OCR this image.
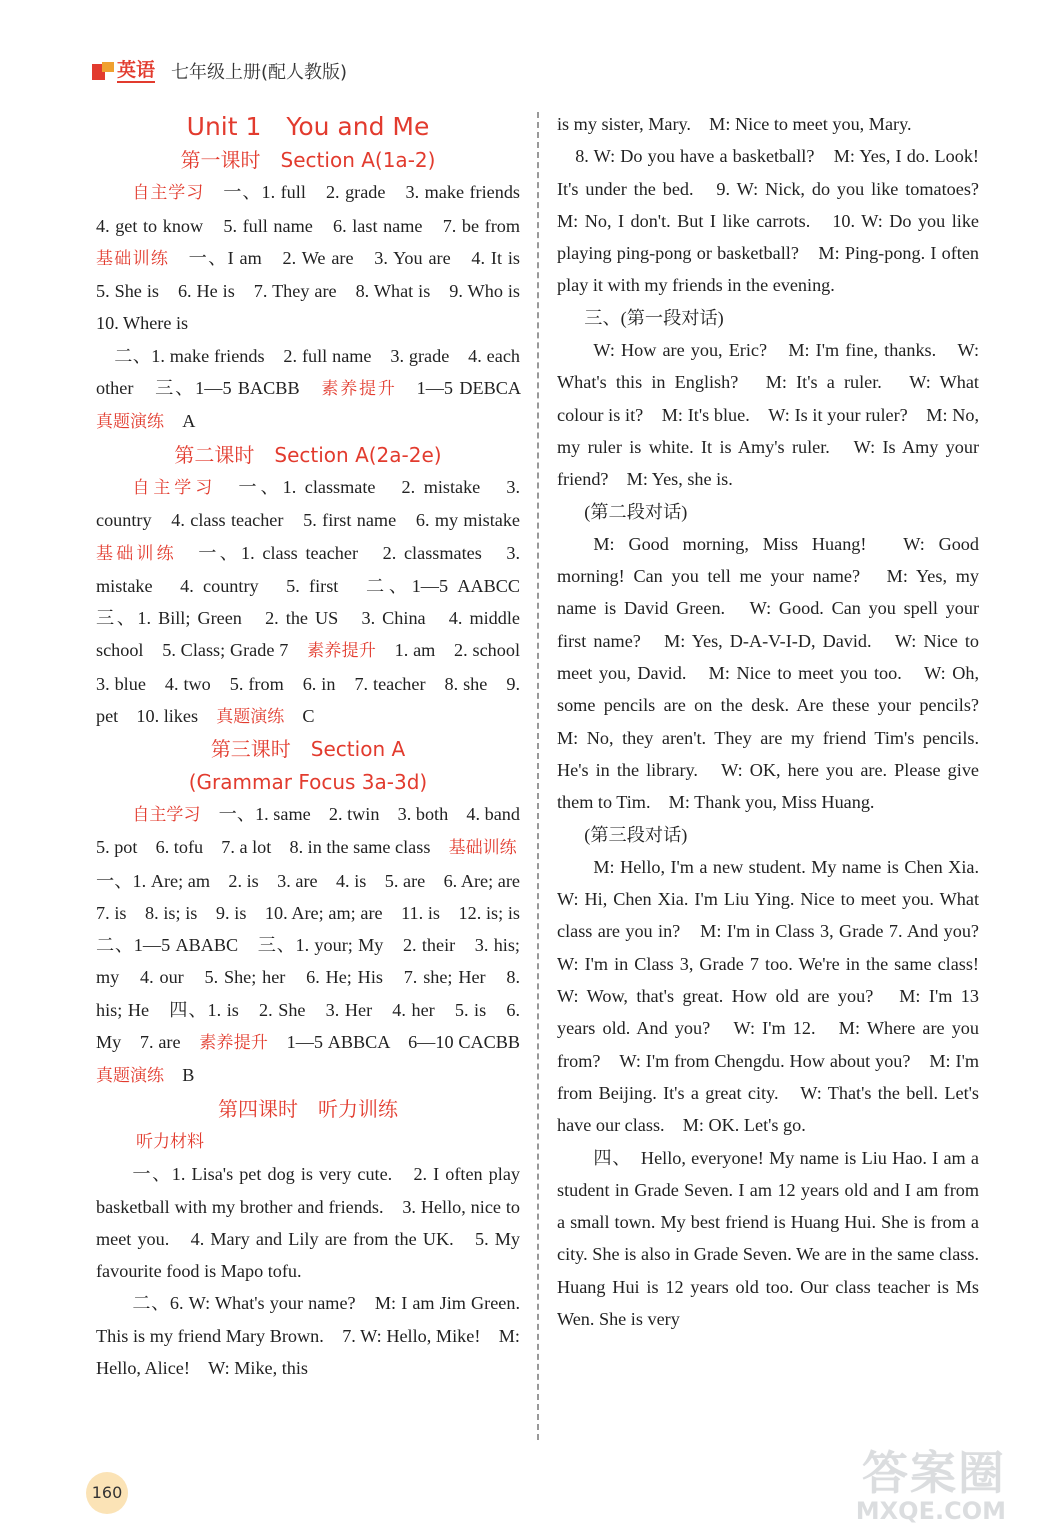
英语 七年级上册(配人教版)
Unit 1　You and Me
第一课时　Section A(1a-2)

自主学习　一、1. full　2. grade　3. make friends　4. get to know　5. full name　6. last name　7. be from　基础训练　一、I am　2. We are　3. You are　4. It is　5. She is　6. He is　7. They are　8. What is　9. Who is　10. Where is

二、1. make friends　2. full name　3. grade　4. each other　三、1—5 BACBB　素养提升　1—5 DEBCA　真题演练　A

第二课时　Section A(2a-2e)

自主学习　一、1. classmate　2. mistake　3. country　4. class teacher　5. first name　6. my mistake　基础训练　一、1. class teacher　2. classmates　3. mistake　4. country　5. first　二、1—5 AABCC　三、1. Bill; Green　2. the US　3. China　4. middle school　5. Class; Grade 7　素养提升　1. am　2. school　3. blue　4. two　5. from　6. in　7. teacher　8. she　9. pet　10. likes　真题演练　C

第三课时　Section A
(Grammar Focus 3a-3d)

自主学习　一、1. same　2. twin　3. both　4. band　5. pot　6. tofu　7. a lot　8. in the same class　基础训练　一、1. Are; am　2. is　3. are　4. is　5. are　6. Are; are　7. is　8. is; is　9. is　10. Are; am; are　11. is　12. is; is　二、1—5 ABABC　三、1. your; My　2. their　3. his; my　4. our　5. She; her　6. He; His　7. she; Her　8. his; He　四、1. is　2. She　3. Her　4. her　5. is　6. My　7. are　素养提升　1—5 ABBCA　6—10 CACBB　真题演练　B

第四课时　听力训练

听力材料

一、1. Lisa's pet dog is very cute.　2. I often play basketball with my brother and friends.　3. Hello, nice to meet you.　4. Mary and Lily are from the UK.　5. My favourite food is Mapo tofu.

二、6. W: What's your name?　M: I am Jim Green. This is my friend Mary Brown.　7. W: Hello, Mike!　M: Hello, Alice!　W: Mike, this

is my sister, Mary.　M: Nice to meet you, Mary.

8. W: Do you have a basketball?　M: Yes, I do. Look! It's under the bed.　9. W: Nick, do you like tomatoes?　M: No, I don't. But I like carrots.　10. W: Do you like playing ping-pong or basketball?　M: Ping-pong. I often play it with my friends in the evening.

三、(第一段对话)

W: How are you, Eric?　M: I'm fine, thanks.　W: What's this in English?　M: It's a ruler.　W: What colour is it?　M: It's blue.　W: Is it your ruler?　M: No, my ruler is white. It is Amy's ruler.　W: Is Amy your friend?　M: Yes, she is.

(第二段对话)

M: Good morning, Miss Huang!　W: Good morning! Can you tell me your name?　M: Yes, my name is David Green.　W: Good. Can you spell your first name?　M: Yes, D-A-V-I-D, David.　W: Nice to meet you, David.　M: Nice to meet you too.　W: Oh, some pencils are on the desk. Are these your pencils?　M: No, they aren't. They are my friend Tim's pencils. He's in the library.　W: OK, here you are. Please give them to Tim.　M: Thank you, Miss Huang.

(第三段对话)

M: Hello, I'm a new student. My name is Chen Xia.　W: Hi, Chen Xia. I'm Liu Ying. Nice to meet you. What class are you in?　M: I'm in Class 3, Grade 7. And you?　W: I'm in Class 3, Grade 7 too. We're in the same class!　W: Wow, that's great. How old are you?　M: I'm 13 years old. And you?　W: I'm 12.　M: Where are you from?　W: I'm from Chengdu. How about you?　M: I'm from Beijing. It's a great city.　W: That's the bell. Let's have our class.　M: OK. Let's go.

四、　Hello, everyone! My name is Liu Hao. I am a student in Grade Seven. I am 12 years old and I am from a small town. My best friend is Huang Hui. She is from a city. She is also in Grade Seven. We are in the same class. Huang Hui is 12 years old too. Our class teacher is Ms Wen. She is very

160	答案圈
MXQE.COM
